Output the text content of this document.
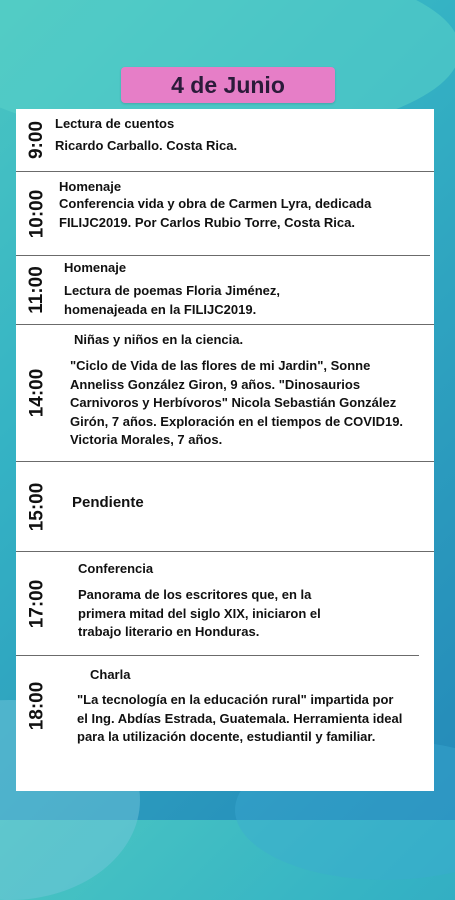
4 de Junio
9:00 Lectura de cuentos
Ricardo Carballo. Costa Rica.
10:00
Homenaje
Conferencia vida y obra de Carmen Lyra, dedicada FILIJC2019. Por Carlos Rubio Torre, Costa Rica.
11:00 Homenaje
Lectura de poemas Floria Jiménez, homenajeada en la FILIJC2019.
14:00
Niñas y niños en la ciencia.
"Ciclo de Vida de las flores de mi Jardin", Sonne Anneliss González Giron, 9 años. "Dinosaurios Carnivoros y Herbívoros" Nicola Sebastián González Girón, 7 años. Exploración en el tiempos de COVID19. Victoria Morales, 7 años.
15:00 Pendiente
17:00
Conferencia
Panorama de los escritores que, en la primera mitad del siglo XIX, iniciaron el trabajo literario en Honduras.
18:00
Charla
"La tecnología en la educación rural" impartida por el Ing. Abdías Estrada, Guatemala. Herramienta ideal para la utilización docente, estudiantil y familiar.
